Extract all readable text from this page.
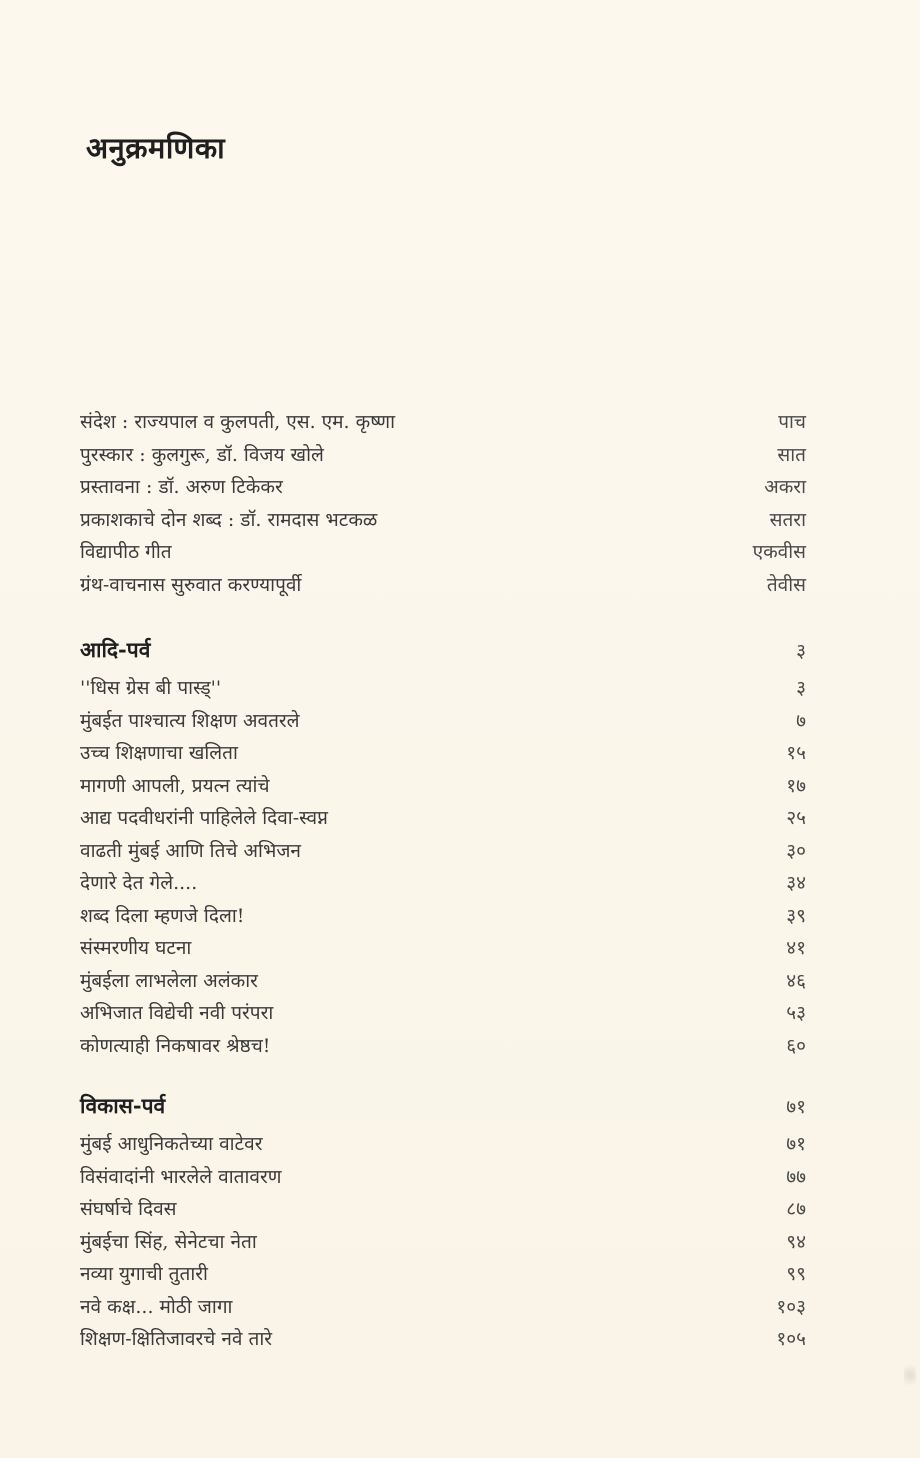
अनुक्रमणिका
संदेश : राज्यपाल व कुलपती, एस. एम. कृष्णा	पाच
पुरस्कार : कुलगुरू, डॉ. विजय खोले	सात
प्रस्तावना : डॉ. अरुण टिकेकर	अकरा
प्रकाशकाचे दोन शब्द : डॉ. रामदास भटकळ	सतरा
विद्यापीठ गीत	एकवीस
ग्रंथ-वाचनास सुरुवात करण्यापूर्वी	तेवीस
आदि-पर्व	३
''धिस ग्रेस बी पास्ड्''	३
मुंबईत पाश्चात्य शिक्षण अवतरले	७
उच्च शिक्षणाचा खलिता	१५
मागणी आपली, प्रयत्न त्यांचे	१७
आद्य पदवीधरांनी पाहिलेले दिवा-स्वप्न	२५
वाढती मुंबई आणि तिचे अभिजन	३०
देणारे देत गेले....	३४
शब्द दिला म्हणजे दिला!	३९
संस्मरणीय घटना	४१
मुंबईला लाभलेला अलंकार	४६
अभिजात विद्येची नवी परंपरा	५३
कोणत्याही निकषावर श्रेष्ठच!	६०
विकास-पर्व	७१
मुंबई आधुनिकतेच्या वाटेवर	७१
विसंवादांनी भारलेले वातावरण	७७
संघर्षाचे दिवस	८७
मुंबईचा सिंह, सेनेटचा नेता	९४
नव्या युगाची तुतारी	९९
नवे कक्ष... मोठी जागा	१०३
शिक्षण-क्षितिजावरचे नवे तारे	१०५
